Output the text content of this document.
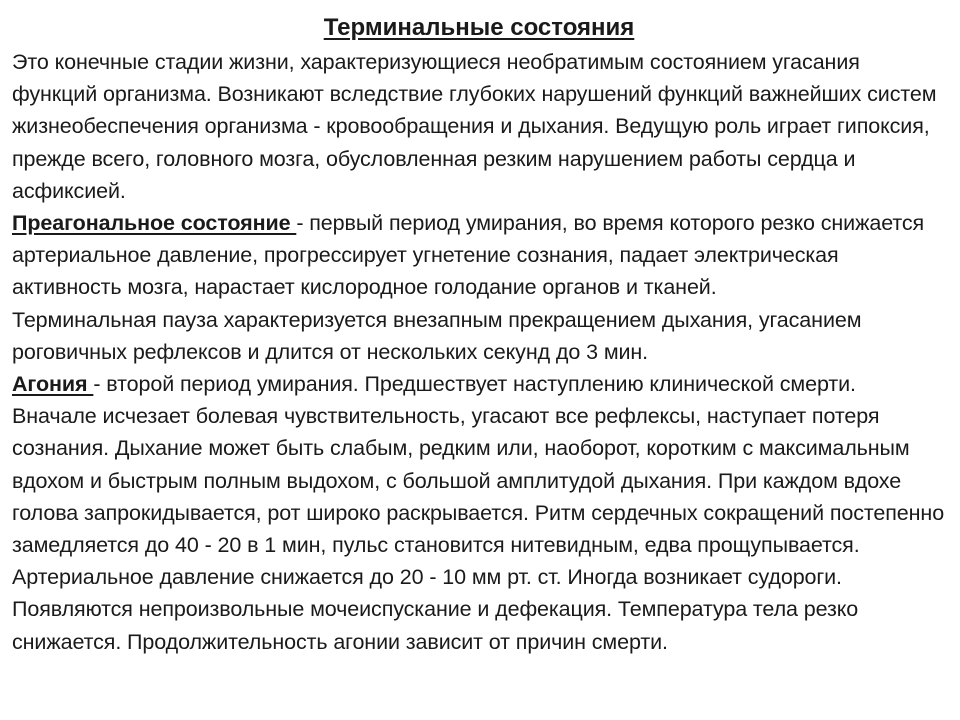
Терминальные состояния

Это конечные стадии жизни, характеризующиеся необратимым состоянием угасания функций организма. Возникают вследствие глубоких нарушений функций важнейших систем жизнеобеспечения организма - кровообращения и дыхания. Ведущую роль играет гипоксия, прежде всего, головного мозга, обусловленная резким нарушением работы сердца и асфиксией.

Преагональное состояние - первый период умирания, во время которого резко снижается артериальное давление, прогрессирует угнетение сознания, падает электрическая активность мозга, нарастает кислородное голодание органов и тканей.

Терминальная пауза характеризуется внезапным прекращением дыхания, угасанием роговичных рефлексов и длится от нескольких секунд до 3 мин.

Агония - второй период умирания. Предшествует наступлению клинической смерти. Вначале исчезает болевая чувствительность, угасают все рефлексы, наступает потеря сознания. Дыхание может быть слабым, редким или, наоборот, коротким с максимальным вдохом и быстрым полным выдохом, с большой амплитудой дыхания. При каждом вдохе голова запрокидывается, рот широко раскрывается. Ритм сердечных сокращений постепенно замедляется до 40 - 20 в 1 мин, пульс становится нитевидным, едва прощупывается. Артериальное давление снижается до 20 - 10 мм рт. ст. Иногда возникает судороги. Появляются непроизвольные мочеиспускание и дефекация. Температура тела резко снижается. Продолжительность агонии зависит от причин смерти.
